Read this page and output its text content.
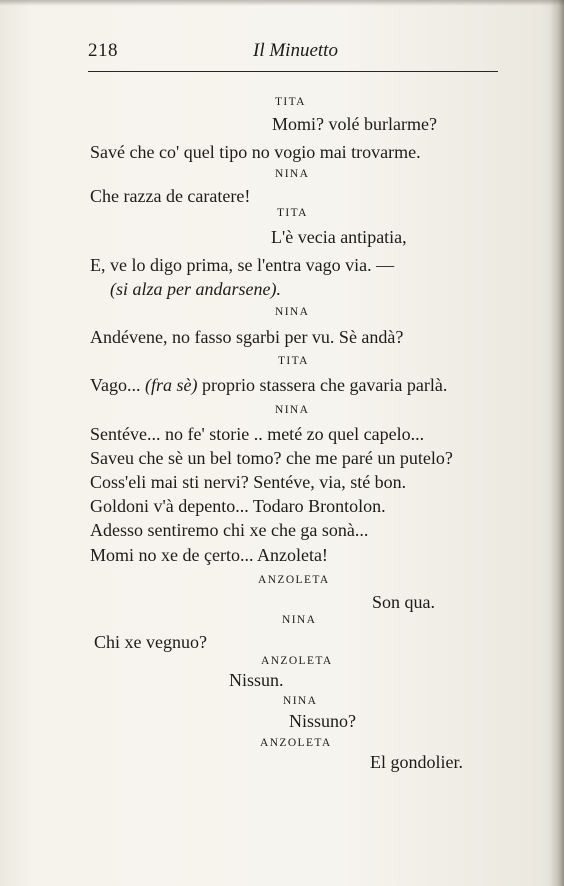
218	Il Minuetto
TITA
Momi? volé burlarme?
Savé che co' quel tipo no vogio mai trovarme.
NINA
Che razza de caratere!
TITA
L'è vecia antipatia,
E, ve lo digo prima, se l'entra vago via. —
(si alza per andarsene).
NINA
Andévene, no fasso sgarbi per vu. Sè andà?
TITA
Vago... (fra sè) proprio stassera che gavaria parlà.
NINA
Sentéve... no fe' storie .. meté zo quel capelo...
Saveu che sè un bel tomo? che me paré un putelo?
Coss'eli mai sti nervi? Sentéve, via, sté bon.
Goldoni v'à depento... Todaro Brontolon.
Adesso sentiremo chi xe che ga sonà...
Momi no xe de çerto... Anzoleta!
ANZOLETA
Son qua.
NINA
Chi xe vegnuo?
ANZOLETA
Nissun.
NINA
Nissuno?
ANZOLETA
El gondolier.
